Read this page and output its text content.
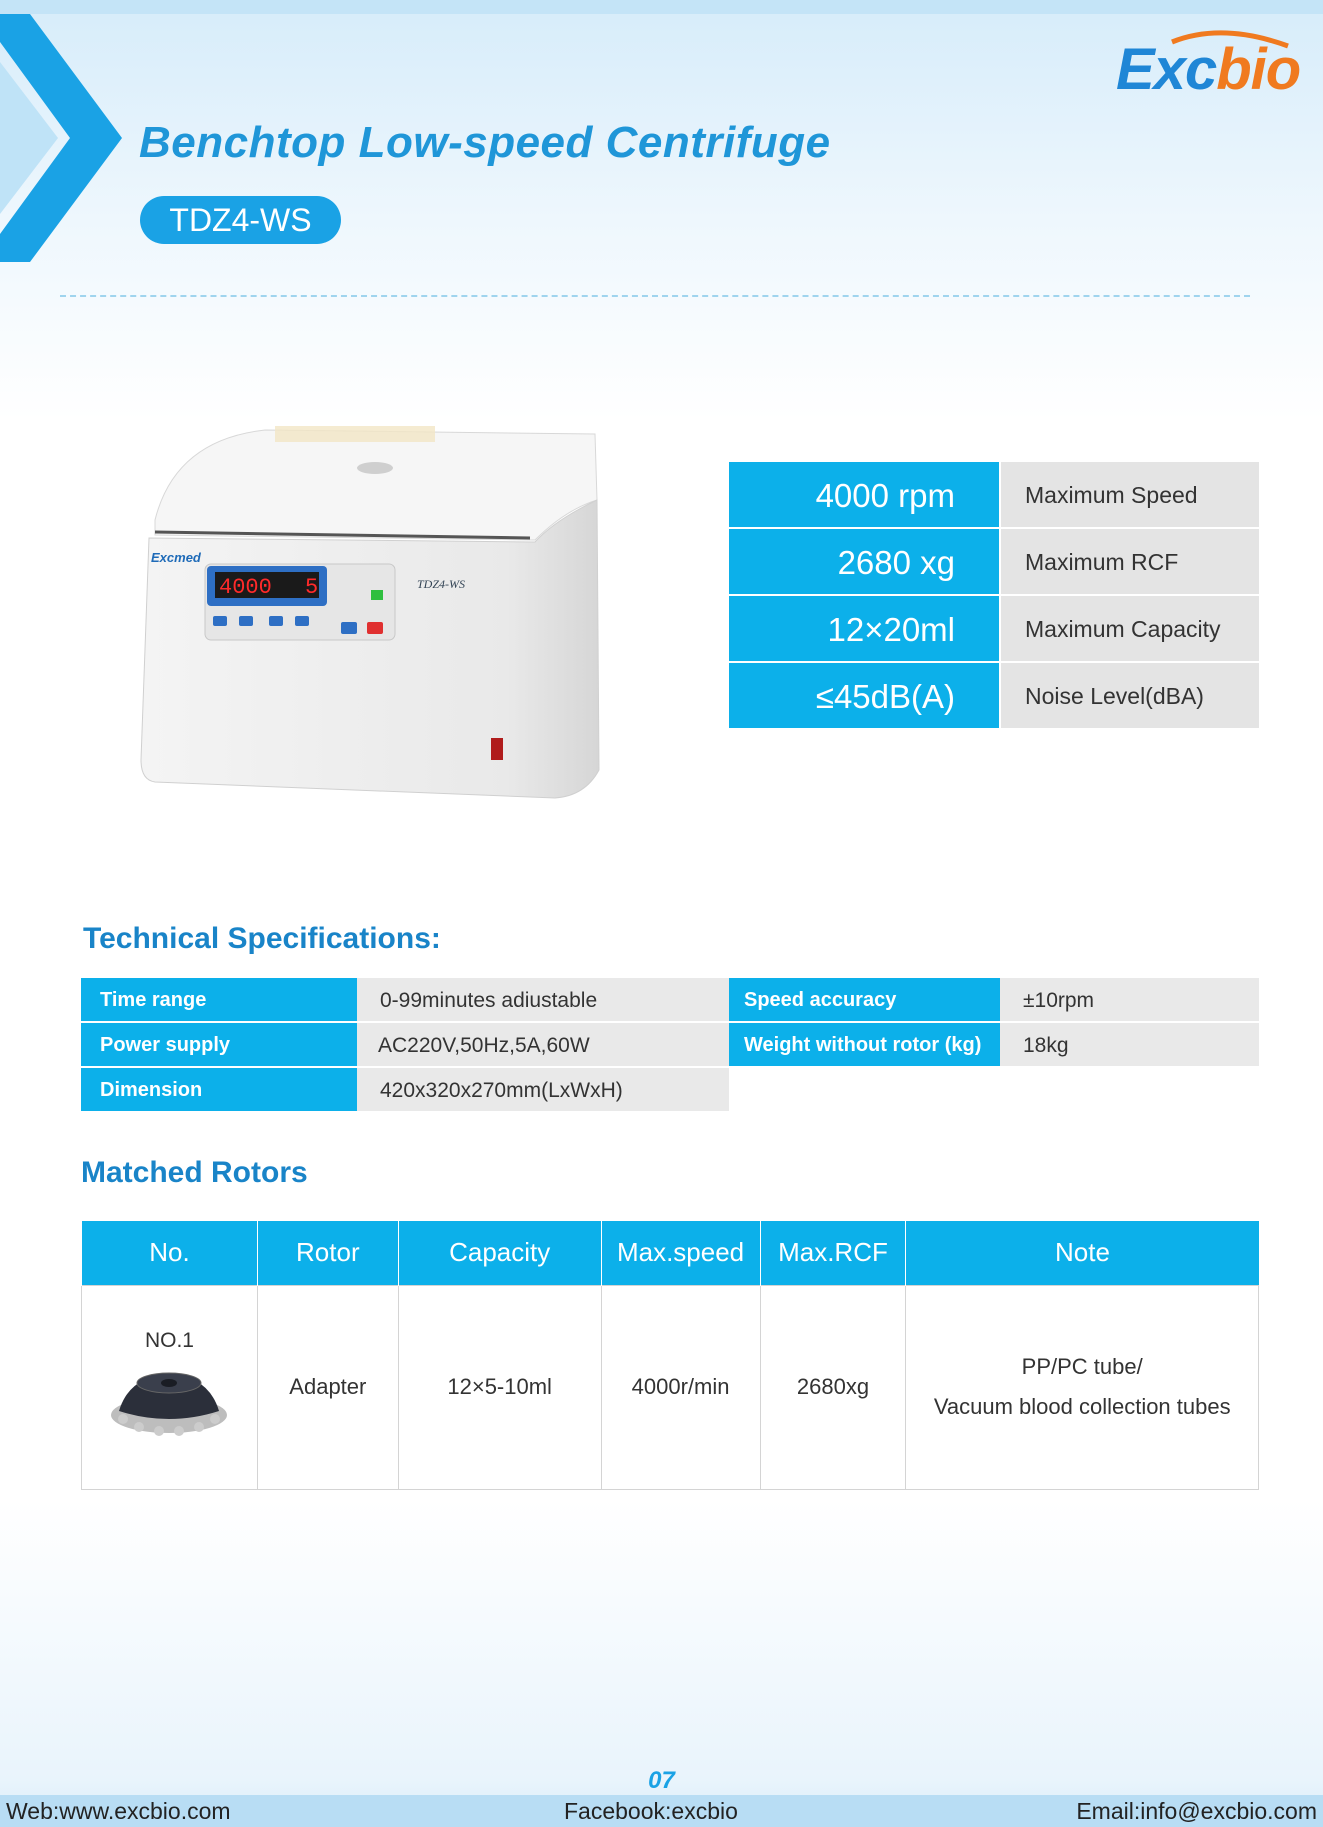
Excbio
Benchtop Low-speed Centrifuge
TDZ4-WS
Excmed
4000 5	TDZ4-WS
4000 rpm	Maximum Speed
2680 xg	Maximum RCF
12×20ml	Maximum Capacity
≤45dB(A)	Noise Level(dBA)
Technical Specifications:
Time range	0-99minutes adiustable	Speed accuracy	±10rpm
Power supply	AC220V,50Hz,5A,60W	Weight without rotor (kg)	18kg
Dimension	420x320x270mm(LxWxH)
Matched Rotors
No.	Rotor	Capacity	Max.speed	Max.RCF	Note

NO.1	Adapter	12×5-10ml	4000r/min	2680xg	PP/PC tube/
Vacuum blood collection tubes
07
Web:www.excbio.com	Facebook:excbio	Email:info@excbio.com
